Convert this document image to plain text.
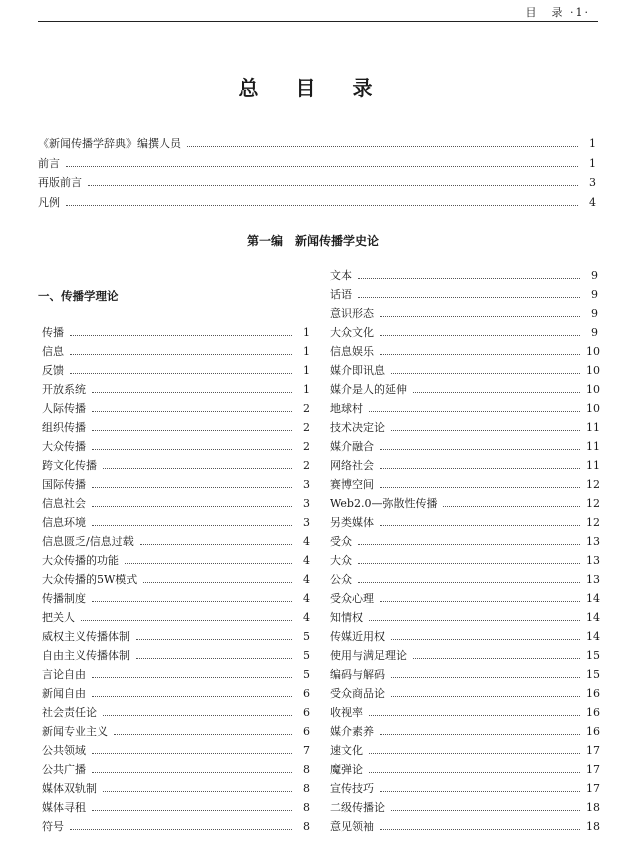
目　录 ·1·
总 目 录
《新闻传播学辞典》编撰人员	1
前言	1
再版前言	3
凡例	4
第一编　新闻传播学史论
一、传播学理论
传播	1
信息	1
反馈	1
开放系统	1
人际传播	2
组织传播	2
大众传播	2
跨文化传播	2
国际传播	3
信息社会	3
信息环境	3
信息匮乏/信息过载	4
大众传播的功能	4
大众传播的5W模式	4
传播制度	4
把关人	4
威权主义传播体制	5
自由主义传播体制	5
言论自由	5
新闻自由	6
社会责任论	6
新闻专业主义	6
公共领域	7
公共广播	8
媒体双轨制	8
媒体寻租	8
符号	8
文本	9
话语	9
意识形态	9
大众文化	9
信息娱乐	10
媒介即讯息	10
媒介是人的延伸	10
地球村	10
技术决定论	11
媒介融合	11
网络社会	11
赛博空间	12
Web2.0—弥散性传播	12
另类媒体	12
受众	13
大众	13
公众	13
受众心理	14
知情权	14
传媒近用权	14
使用与满足理论	15
编码与解码	15
受众商品论	16
收视率	16
媒介素养	16
速文化	17
魔弹论	17
宣传技巧	17
二级传播论	18
意见领袖	18
